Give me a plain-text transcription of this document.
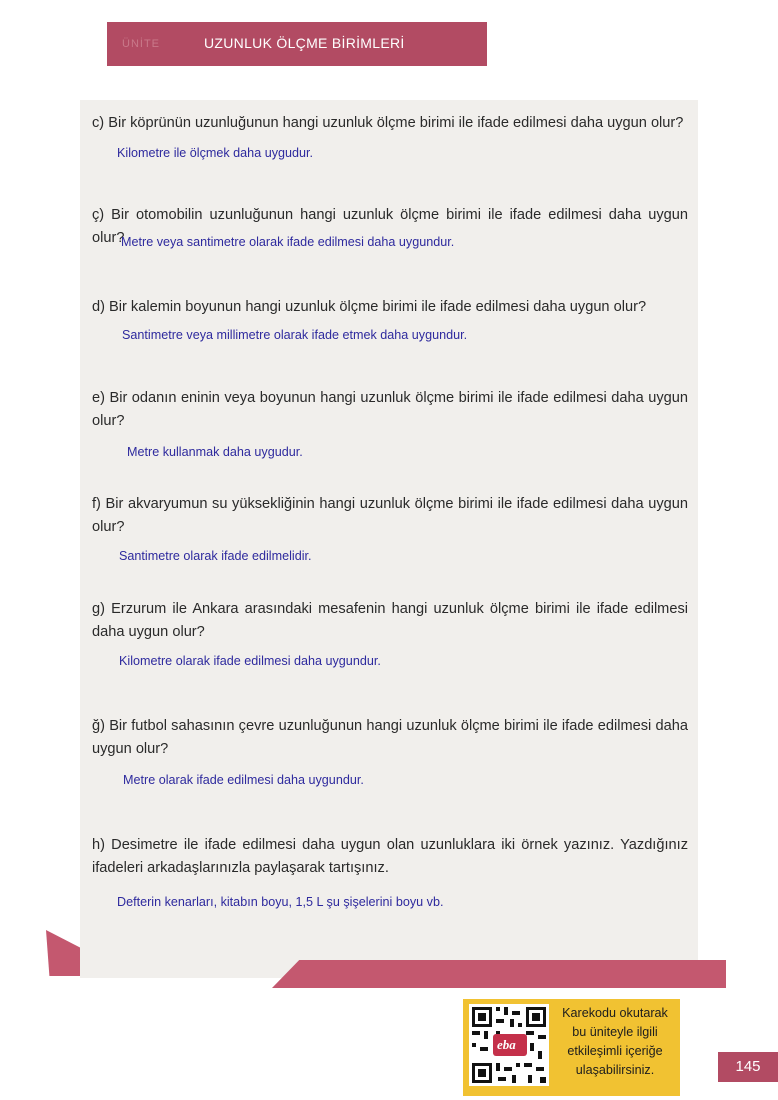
ÜNİTE	UZUNLUK ÖLÇME BİRİMLERİ
c) Bir köprünün uzunluğunun hangi uzunluk ölçme birimi ile ifade edilmesi daha uygun olur?
Kilometre ile ölçmek daha uygudur.
ç) Bir otomobilin uzunluğunun hangi uzunluk ölçme birimi ile ifade edilmesi daha uygun olur?
Metre veya santimetre olarak ifade edilmesi daha uygundur.
d) Bir kalemin boyunun hangi uzunluk ölçme birimi ile ifade edilmesi daha uygun olur?
Santimetre veya millimetre olarak ifade etmek daha uygundur.
e) Bir odanın eninin veya boyunun hangi uzunluk ölçme birimi ile ifade edilmesi daha uygun olur?
Metre kullanmak daha uygudur.
f) Bir akvaryumun su yüksekliğinin hangi uzunluk ölçme birimi ile ifade edilmesi daha uygun olur?
Santimetre olarak ifade edilmelidir.
g) Erzurum ile Ankara arasındaki mesafenin hangi uzunluk ölçme birimi ile ifade edilmesi daha uygun olur?
Kilometre olarak ifade edilmesi daha uygundur.
ğ) Bir futbol sahasının çevre uzunluğunun hangi uzunluk ölçme birimi ile ifade edilmesi daha uygun olur?
Metre olarak ifade edilmesi daha uygundur.
h) Desimetre ile ifade edilmesi daha uygun olan uzunluklara iki örnek yazınız. Yazdığınız ifadeleri arkadaşlarınızla paylaşarak tartışınız.
Defterin kenarları, kitabın boyu, 1,5 L şu şişelerini boyu vb.
eba
Karekodu okutarak
bu üniteyle ilgili
etkileşimli içeriğe
ulaşabilirsiniz.	145
